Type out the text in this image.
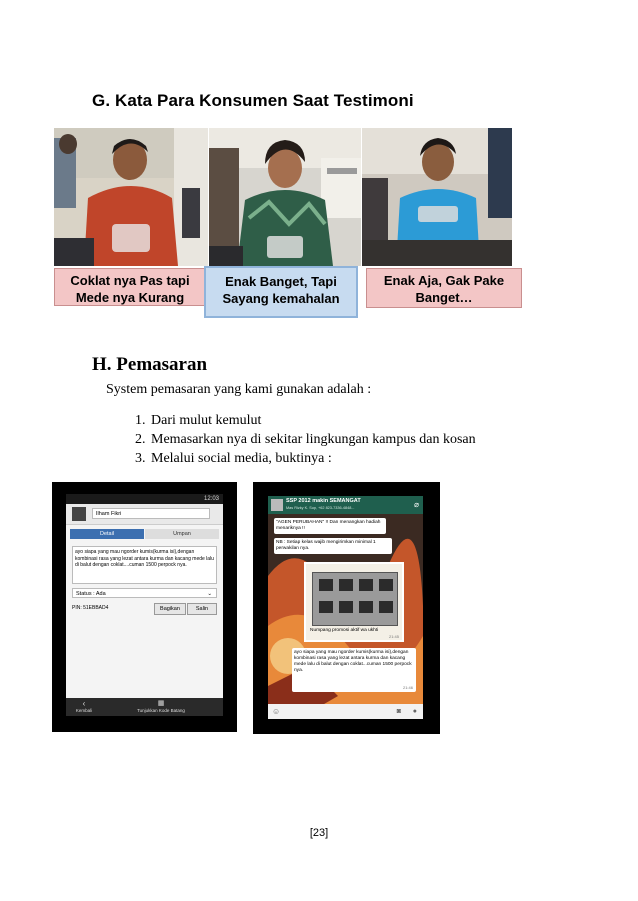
G. Kata Para Konsumen Saat Testimoni
Coklat nya Pas tapi Mede nya Kurang
Enak Banget, Tapi Sayang kemahalan
Enak Aja, Gak Pake Banget…
H. Pemasaran
System pemasaran yang kami gunakan adalah :
1. Dari mulut kemulut
2. Memasarkan nya di sekitar lingkungan kampus dan kosan
3. Melalui social media, buktinya :
12:03
Ilham Fikri
Detail	Umpan
ayo siapa yang mau ngorder kumis(kurma isi),dengan kombinasi rasa yang lezat antara kurma dan kacang mede lalu di balut dengan coklat....cuman 1500 perpock nya.
Status : Ada	⌄
PIN: 51EBBAD4	Bagikan	Salin
‹
Kembali
▦
Tunjukkan Kode Batang
SSP 2012 makin SEMANGAT
Mas Rizky K. Sup, +62 823-7336-4848...	⌀
"AGEN PERUBAHAN" !! Dan menangkan hadiah menariknya !!
NB : Setiap kelas wajib mengirimkan minimal 1 perwakilan nya.
Numpang promosi aktif wa ukhti
21:45
ayo siapa yang mau ngorder kumis(kurma isi),dengan kombinasi rasa yang lezat antara kurma dan kacang mede lalu di balut dengan coklat...cuman 1500 perpock nya.
21:46
☺	◙ ●
[23]
